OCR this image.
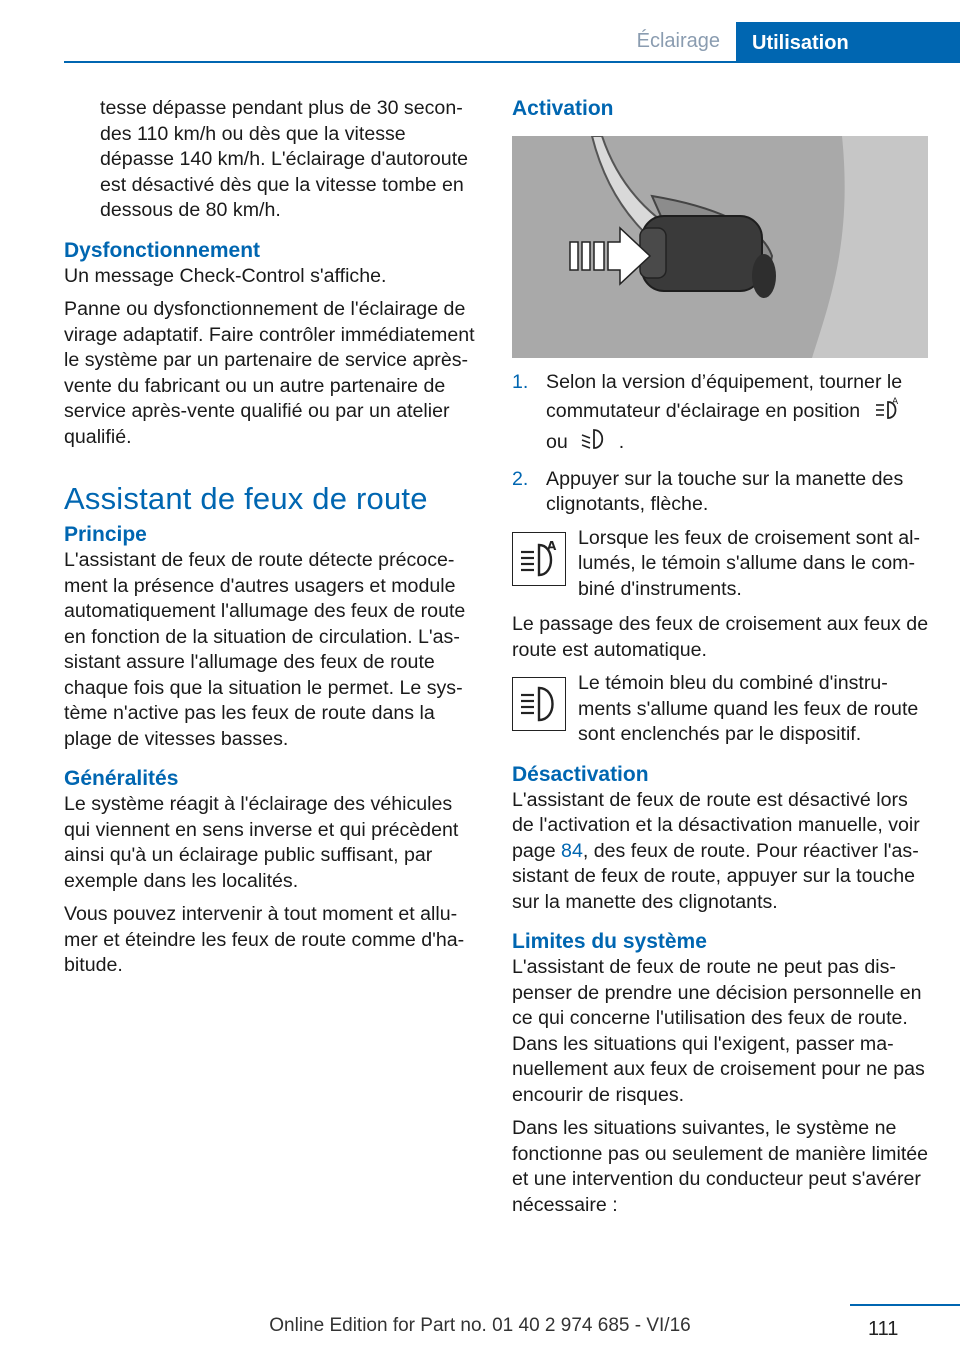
Éclairage	Utilisation

tesse dépasse pendant plus de 30 secondes 110 km/h ou dès que la vitesse dépasse 140 km/h. L'éclairage d'autoroute est désactivé dès que la vitesse tombe en dessous de 80 km/h.

Dysfonctionnement

Un message Check-Control s'affiche.

Panne ou dysfonctionnement de l'éclairage de virage adaptatif. Faire contrôler immédiatement le système par un partenaire de service après-vente du fabricant ou un autre partenaire de service après-vente qualifié ou par un atelier qualifié.

Assistant de feux de route
Principe

L'assistant de feux de route détecte précocement la présence d'autres usagers et module automatiquement l'allumage des feux de route en fonction de la situation de circulation. L'assistant assure l'allumage des feux de route chaque fois que la situation le permet. Le système n'active pas les feux de route dans la plage de vitesses basses.

Généralités

Le système réagit à l'éclairage des véhicules qui viennent en sens inverse et qui précèdent ainsi qu'à un éclairage public suffisant, par exemple dans les localités.

Vous pouvez intervenir à tout moment et allumer et éteindre les feux de route comme d'habitude.

Activation
1. Selon la version d’équipement, tourner le commutateur d'éclairage en position	A

ou	.
2. Appuyer sur la touche sur la manette des clignotants, flèche.
A Lorsque les feux de croisement sont allumés, le témoin s'allume dans le combiné d'instruments.

Le passage des feux de croisement aux feux de route est automatique.

Le témoin bleu du combiné d'instruments s'allume quand les feux de route sont enclenchés par le dispositif.

Désactivation

L'assistant de feux de route est désactivé lors de l'activation et la désactivation manuelle, voir page 84, des feux de route. Pour réactiver l'assistant de feux de route, appuyer sur la touche sur la manette des clignotants.

Limites du système

L'assistant de feux de route ne peut pas dispenser de prendre une décision personnelle en ce qui concerne l'utilisation des feux de route. Dans les situations qui l'exigent, passer manuellement aux feux de croisement pour ne pas encourir de risques.

Dans les situations suivantes, le système ne fonctionne pas ou seulement de manière limitée et une intervention du conducteur peut s'avérer nécessaire :

111
Online Edition for Part no. 01 40 2 974 685 - VI/16
